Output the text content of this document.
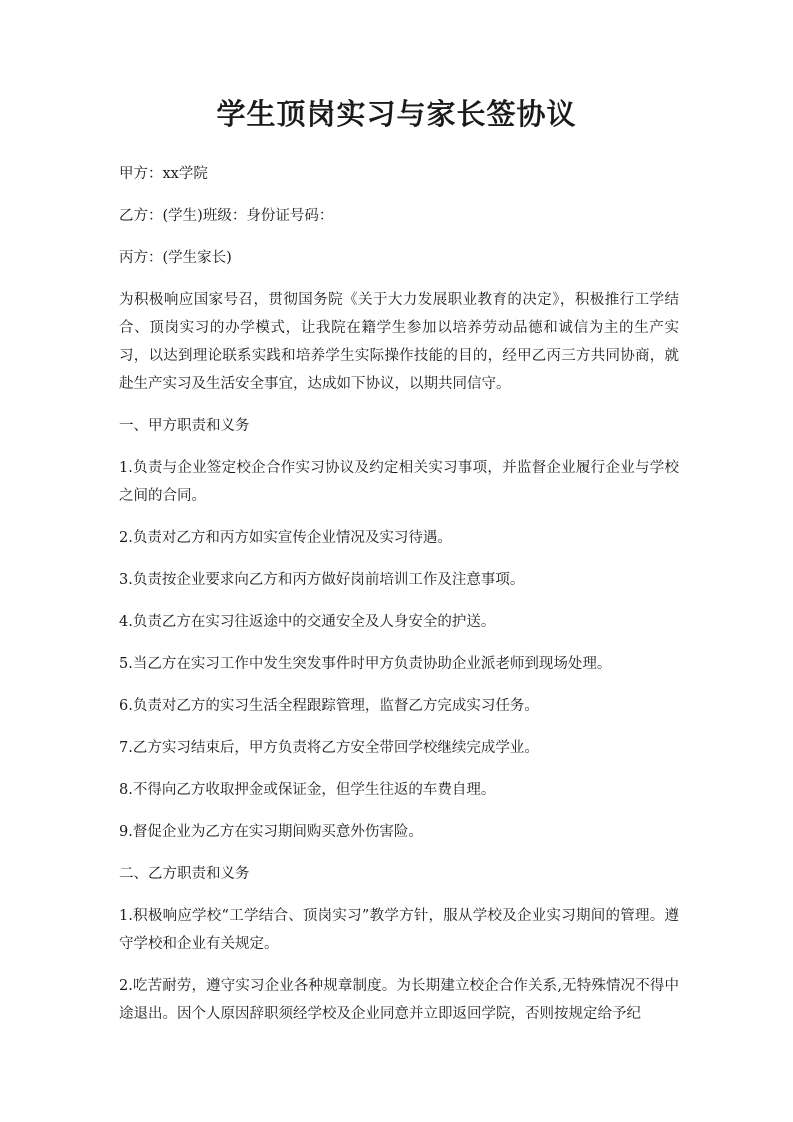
学生顶岗实习与家长签协议

甲方：xx学院

乙方：(学生)班级：身份证号码：

丙方：(学生家长)

为积极响应国家号召，贯彻国务院《关于大力发展职业教育的决定》，积极推行工学结合、顶岗实习的办学模式，让我院在籍学生参加以培养劳动品德和诚信为主的生产实习，以达到理论联系实践和培养学生实际操作技能的目的，经甲乙丙三方共同协商，就赴生产实习及生活安全事宜，达成如下协议，以期共同信守。

一、甲方职责和义务

1.负责与企业签定校企合作实习协议及约定相关实习事项，并监督企业履行企业与学校之间的合同。

2.负责对乙方和丙方如实宣传企业情况及实习待遇。

3.负责按企业要求向乙方和丙方做好岗前培训工作及注意事项。

4.负责乙方在实习往返途中的交通安全及人身安全的护送。

5.当乙方在实习工作中发生突发事件时甲方负责协助企业派老师到现场处理。

6.负责对乙方的实习生活全程跟踪管理，监督乙方完成实习任务。

7.乙方实习结束后，甲方负责将乙方安全带回学校继续完成学业。

8.不得向乙方收取押金或保证金，但学生往返的车费自理。

9.督促企业为乙方在实习期间购买意外伤害险。

二、乙方职责和义务

1.积极响应学校“工学结合、顶岗实习”教学方针，服从学校及企业实习期间的管理。遵守学校和企业有关规定。

2.吃苦耐劳，遵守实习企业各种规章制度。为长期建立校企合作关系,无特殊情况不得中途退出。因个人原因辞职须经学校及企业同意并立即返回学院，否则按规定给予纪
